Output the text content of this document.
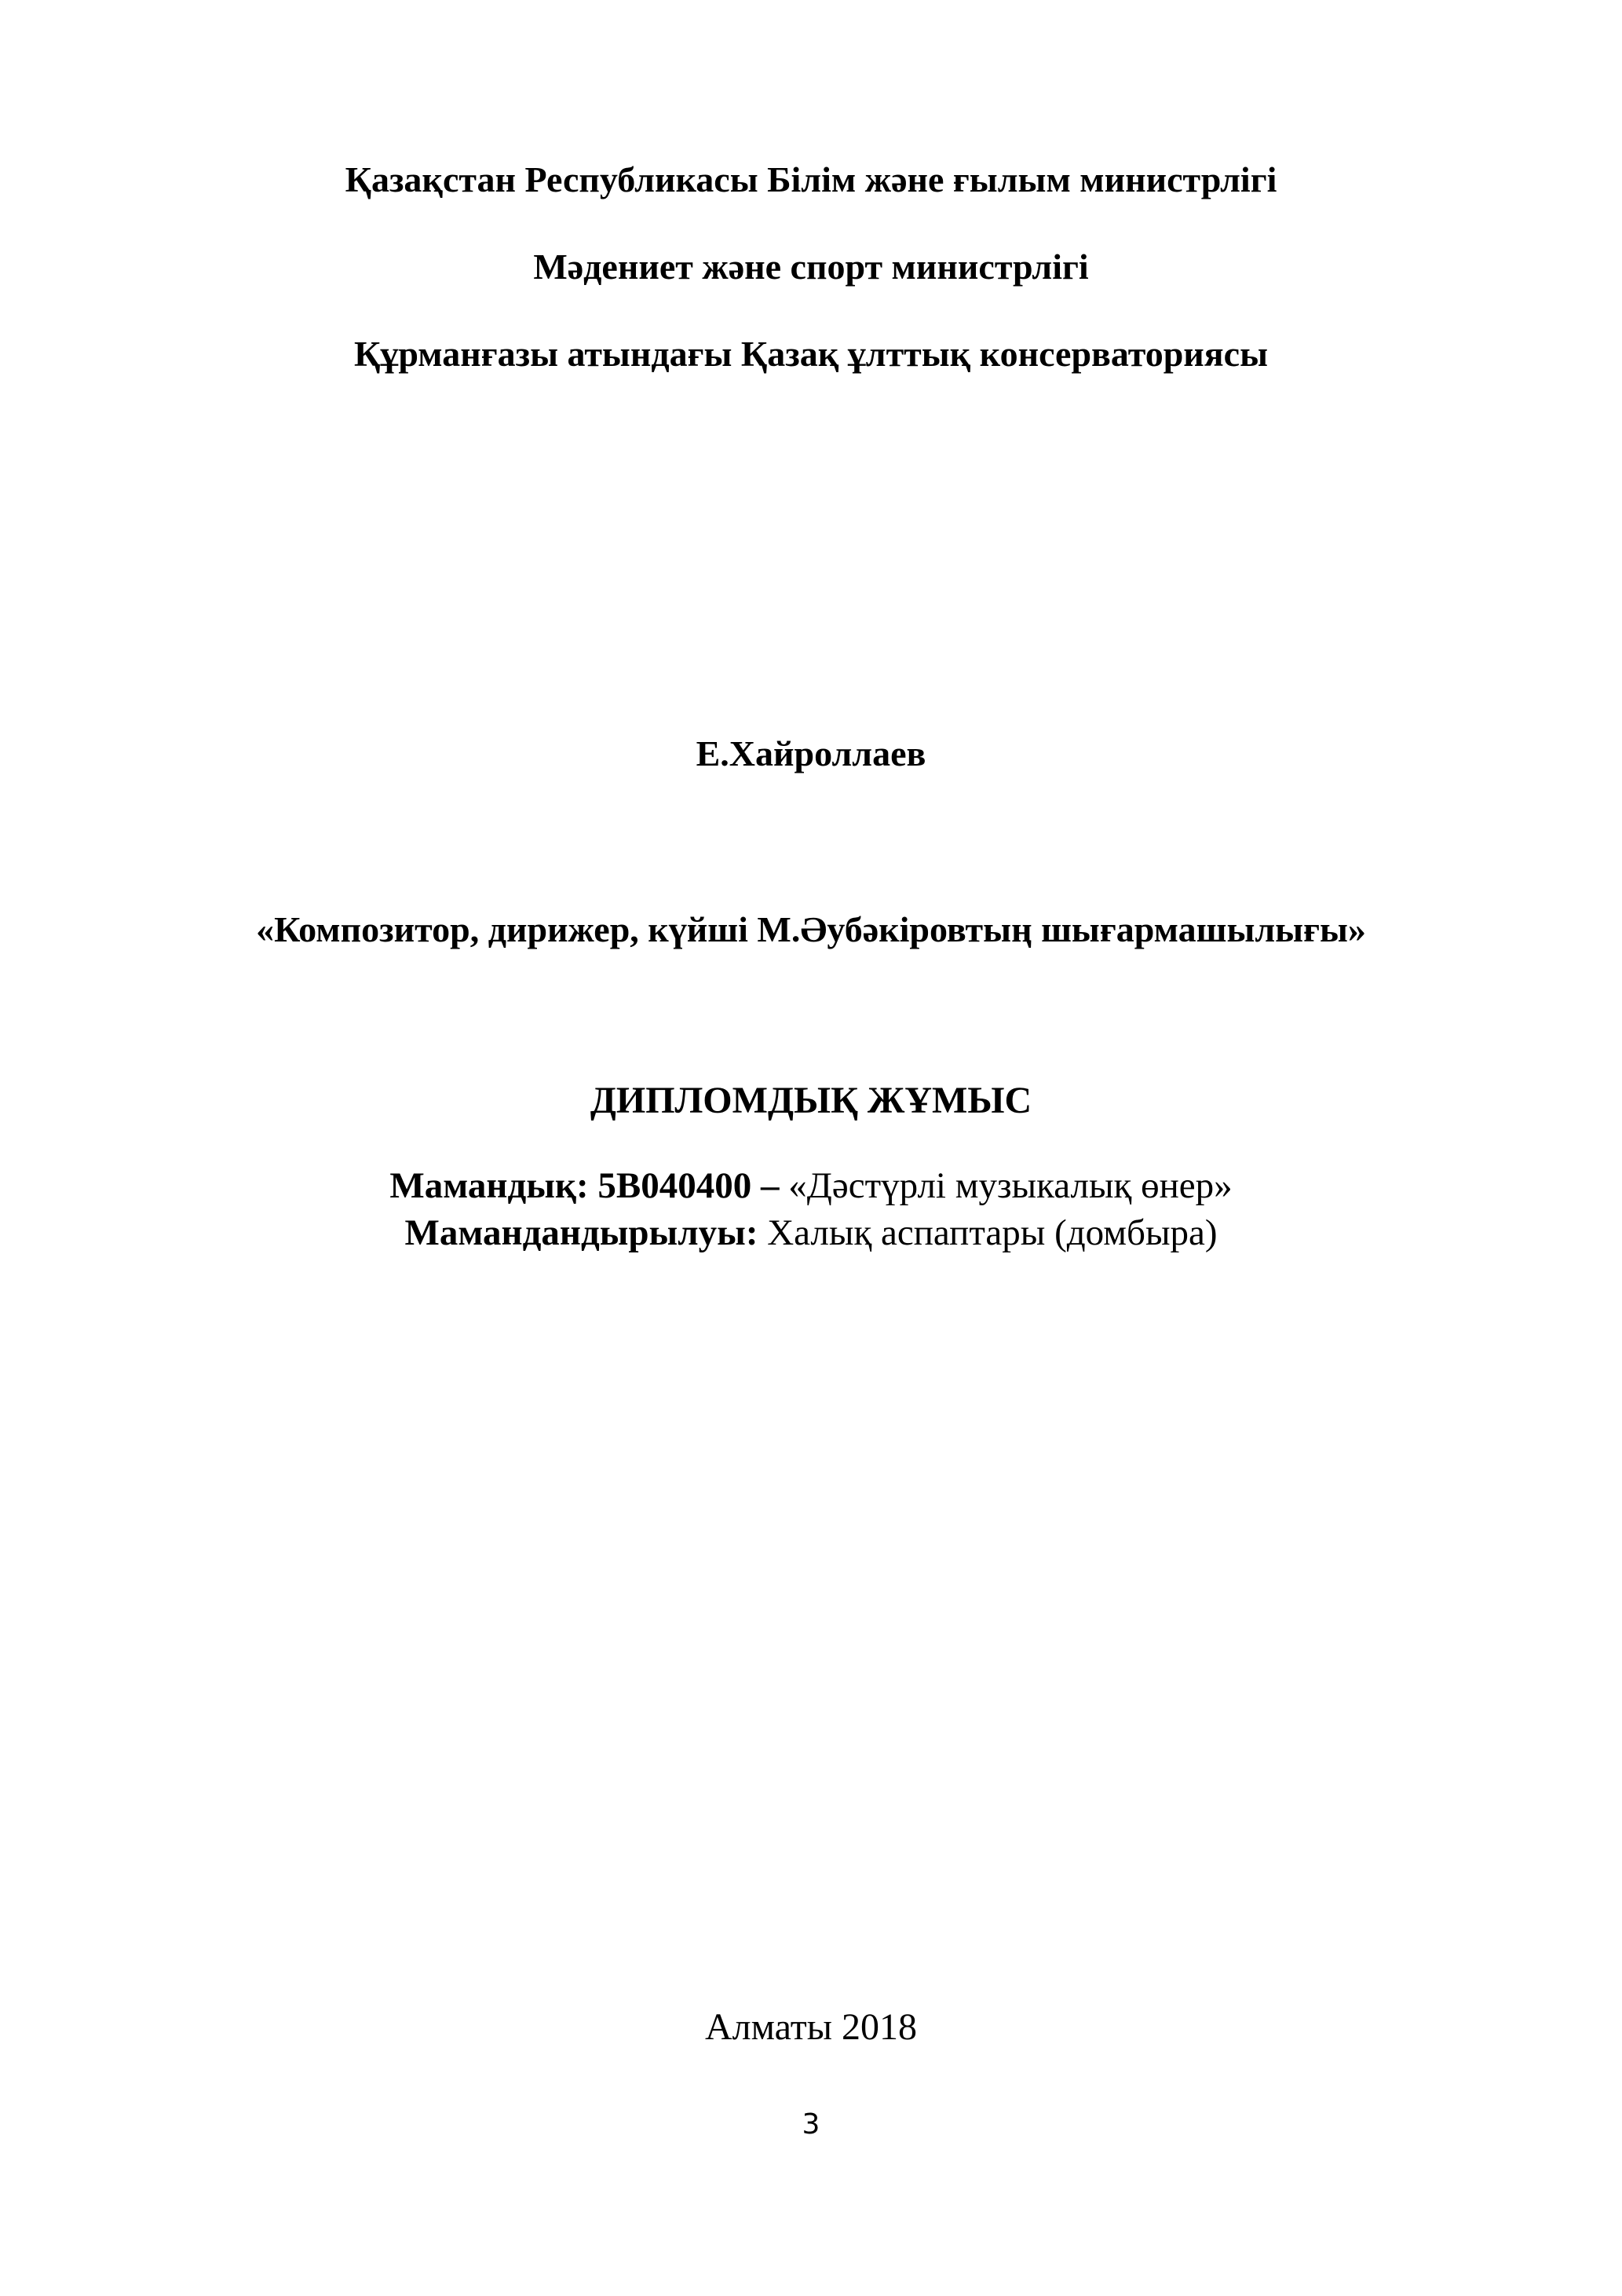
Қазақстан Республикасы Білім және ғылым министрлігі
Мәдениет және спорт министрлігі
Құрманғазы атындағы Қазақ ұлттық консерваториясы
Е.Хайроллаев
«Композитор, дирижер, күйші М.Әубәкіровтың шығармашылығы»
ДИПЛОМДЫҚ ЖҰМЫС
Мамандық: 5В040400 – «Дәстүрлі музыкалық өнер»
Мамандандырылуы: Халық аспаптары (домбыра)
Алматы 2018
3
